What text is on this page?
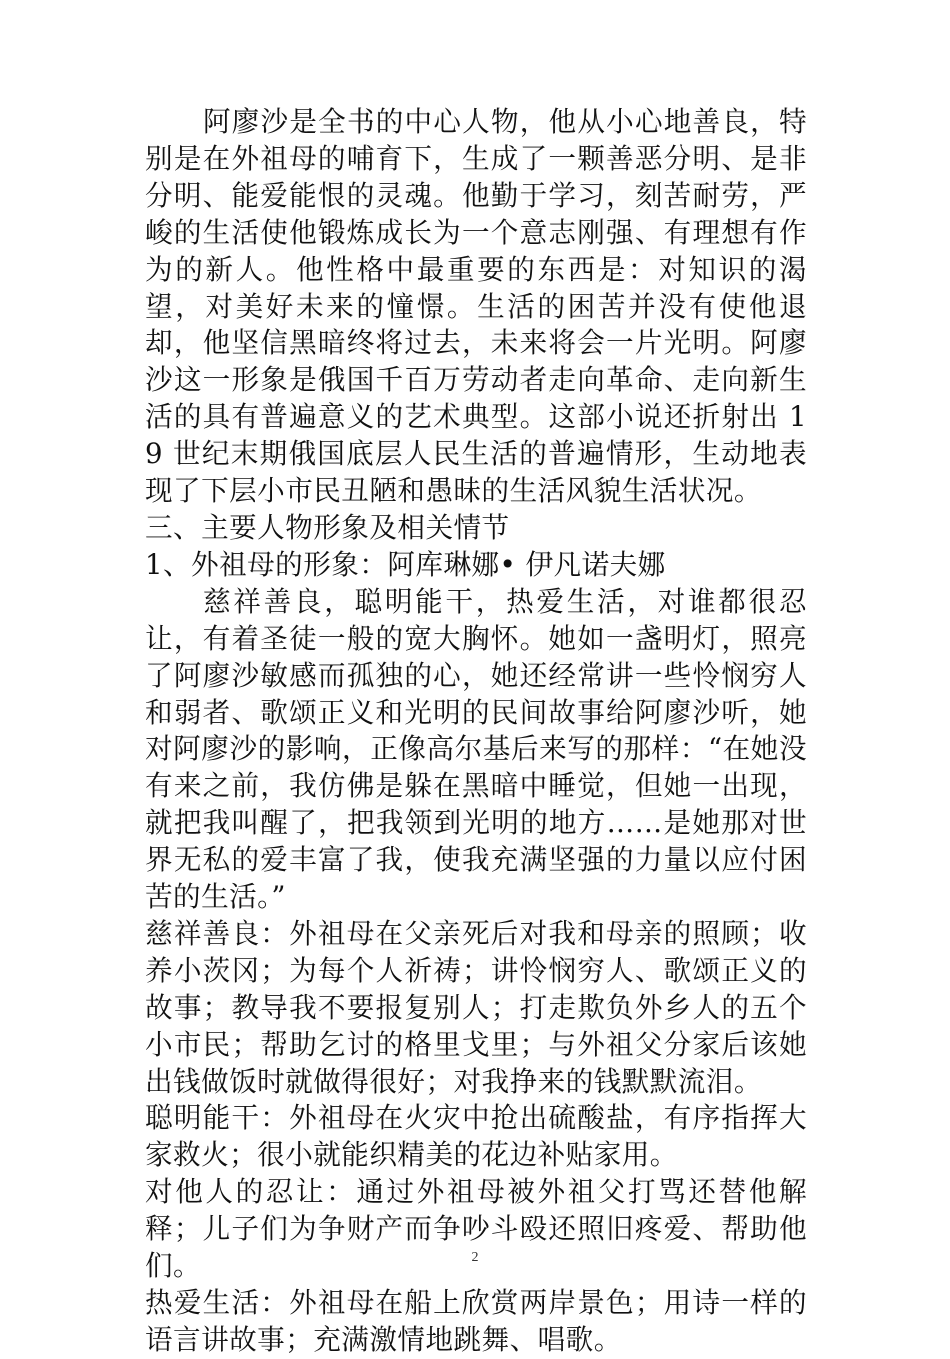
阿廖沙是全书的中心人物，他从小心地善良，特别是在外祖母的哺育下，生成了一颗善恶分明、是非分明、能爱能恨的灵魂。他勤于学习，刻苦耐劳，严峻的生活使他锻炼成长为一个意志刚强、有理想有作为的新人。他性格中最重要的东西是：对知识的渴望，对美好未来的憧憬。生活的困苦并没有使他退却，他坚信黑暗终将过去，未来将会一片光明。阿廖沙这一形象是俄国千百万劳动者走向革命、走向新生活的具有普遍意义的艺术典型。这部小说还折射出 19 世纪末期俄国底层人民生活的普遍情形，生动地表现了下层小市民丑陋和愚昧的生活风貌生活状况。

三、主要人物形象及相关情节

1、外祖母的形象：阿库琳娜• 伊凡诺夫娜

慈祥善良，聪明能干，热爱生活，对谁都很忍让，有着圣徒一般的宽大胸怀。她如一盏明灯，照亮了阿廖沙敏感而孤独的心，她还经常讲一些怜悯穷人和弱者、歌颂正义和光明的民间故事给阿廖沙听，她对阿廖沙的影响，正像高尔基后来写的那样：“在她没有来之前，我仿佛是躲在黑暗中睡觉，但她一出现，就把我叫醒了，把我领到光明的地方……是她那对世界无私的爱丰富了我，使我充满坚强的力量以应付困苦的生活。”

慈祥善良：外祖母在父亲死后对我和母亲的照顾；收养小茨冈；为每个人祈祷；讲怜悯穷人、歌颂正义的故事；教导我不要报复别人；打走欺负外乡人的五个小市民；帮助乞讨的格里戈里；与外祖父分家后该她出钱做饭时就做得很好；对我挣来的钱默默流泪。

聪明能干：外祖母在火灾中抢出硫酸盐，有序指挥大家救火；很小就能织精美的花边补贴家用。

对他人的忍让：通过外祖母被外祖父打骂还替他解释；儿子们为争财产而争吵斗殴还照旧疼爱、帮助他们。

热爱生活：外祖母在船上欣赏两岸景色；用诗一样的语言讲故事；充满激情地跳舞、唱歌。

2
